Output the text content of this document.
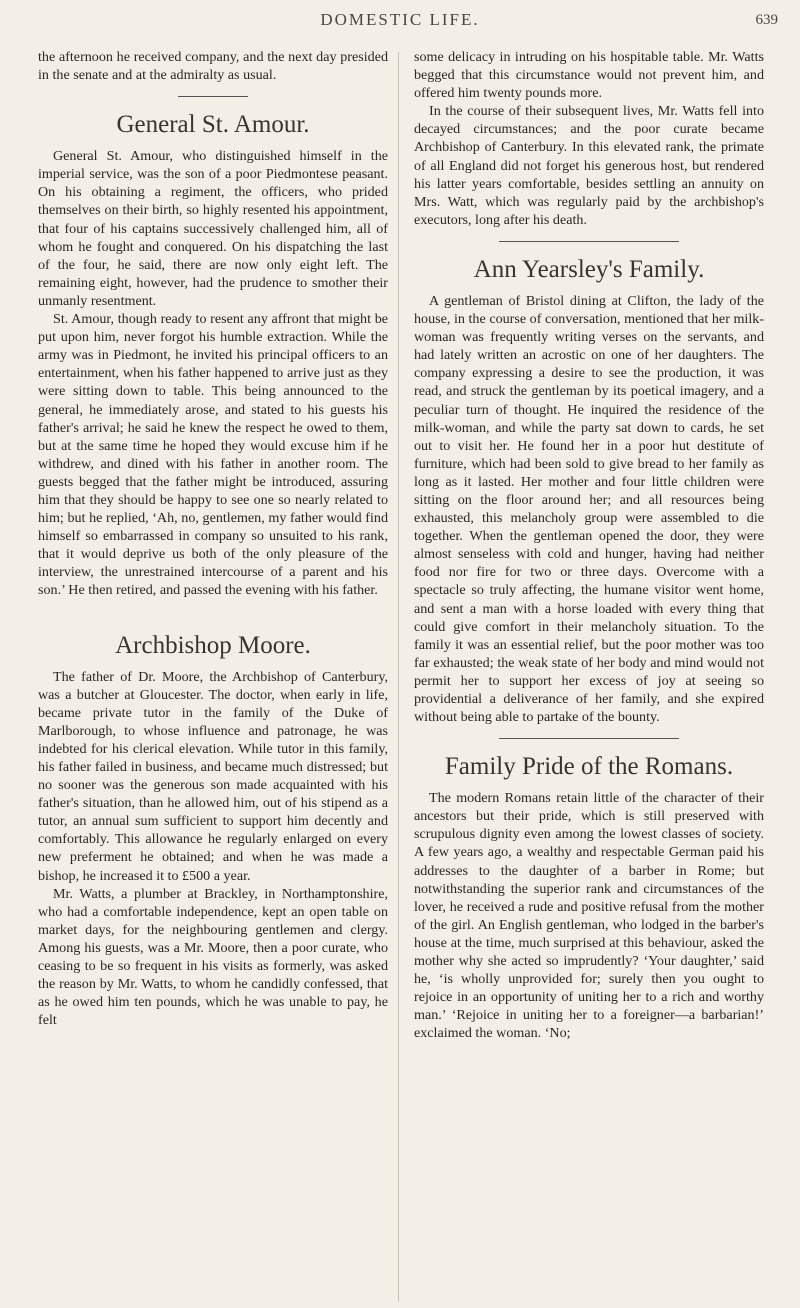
DOMESTIC LIFE.	639

the afternoon he received company, and the next day presided in the senate and at the admiralty as usual.

General St. Amour.

General St. Amour, who distinguished himself in the imperial service, was the son of a poor Piedmontese peasant. On his obtaining a regiment, the officers, who prided themselves on their birth, so highly resented his appointment, that four of his captains successively challenged him, all of whom he fought and conquered. On his dispatching the last of the four, he said, there are now only eight left. The remaining eight, however, had the prudence to smother their unmanly resentment.

St. Amour, though ready to resent any affront that might be put upon him, never forgot his humble extraction. While the army was in Piedmont, he invited his principal officers to an entertainment, when his father happened to arrive just as they were sitting down to table. This being announced to the general, he immediately arose, and stated to his guests his father's arrival; he said he knew the respect he owed to them, but at the same time he hoped they would excuse him if he withdrew, and dined with his father in another room. The guests begged that the father might be introduced, assuring him that they should be happy to see one so nearly related to him; but he replied, ‘Ah, no, gentlemen, my father would find himself so embarrassed in company so unsuited to his rank, that it would deprive us both of the only pleasure of the interview, the unrestrained intercourse of a parent and his son.’ He then retired, and passed the evening with his father.

Archbishop Moore.

The father of Dr. Moore, the Archbishop of Canterbury, was a butcher at Gloucester. The doctor, when early in life, became private tutor in the family of the Duke of Marlborough, to whose influence and patronage, he was indebted for his clerical elevation. While tutor in this family, his father failed in business, and became much distressed; but no sooner was the generous son made acquainted with his father's situation, than he allowed him, out of his stipend as a tutor, an annual sum sufficient to support him decently and comfortably. This allowance he regularly enlarged on every new preferment he obtained; and when he was made a bishop, he increased it to £500 a year.

Mr. Watts, a plumber at Brackley, in Northamptonshire, who had a comfortable independence, kept an open table on market days, for the neighbouring gentlemen and clergy. Among his guests, was a Mr. Moore, then a poor curate, who ceasing to be so frequent in his visits as formerly, was asked the reason by Mr. Watts, to whom he candidly confessed, that as he owed him ten pounds, which he was unable to pay, he felt

some delicacy in intruding on his hospitable table. Mr. Watts begged that this circumstance would not prevent him, and offered him twenty pounds more.

In the course of their subsequent lives, Mr. Watts fell into decayed circumstances; and the poor curate became Archbishop of Canterbury. In this elevated rank, the primate of all England did not forget his generous host, but rendered his latter years comfortable, besides settling an annuity on Mrs. Watt, which was regularly paid by the archbishop's executors, long after his death.

Ann Yearsley's Family.

A gentleman of Bristol dining at Clifton, the lady of the house, in the course of conversation, mentioned that her milk-woman was frequently writing verses on the servants, and had lately written an acrostic on one of her daughters. The company expressing a desire to see the production, it was read, and struck the gentleman by its poetical imagery, and a peculiar turn of thought. He inquired the residence of the milk-woman, and while the party sat down to cards, he set out to visit her. He found her in a poor hut destitute of furniture, which had been sold to give bread to her family as long as it lasted. Her mother and four little children were sitting on the floor around her; and all resources being exhausted, this melancholy group were assembled to die together. When the gentleman opened the door, they were almost senseless with cold and hunger, having had neither food nor fire for two or three days. Overcome with a spectacle so truly affecting, the humane visitor went home, and sent a man with a horse loaded with every thing that could give comfort in their melancholy situation. To the family it was an essential relief, but the poor mother was too far exhausted; the weak state of her body and mind would not permit her to support her excess of joy at seeing so providential a deliverance of her family, and she expired without being able to partake of the bounty.

Family Pride of the Romans.

The modern Romans retain little of the character of their ancestors but their pride, which is still preserved with scrupulous dignity even among the lowest classes of society. A few years ago, a wealthy and respectable German paid his addresses to the daughter of a barber in Rome; but notwithstanding the superior rank and circumstances of the lover, he received a rude and positive refusal from the mother of the girl. An English gentleman, who lodged in the barber's house at the time, much surprised at this behaviour, asked the mother why she acted so imprudently? ‘Your daughter,’ said he, ‘is wholly unprovided for; surely then you ought to rejoice in an opportunity of uniting her to a rich and worthy man.’ ‘Rejoice in uniting her to a foreigner—a barbarian!’ exclaimed the woman. ‘No;
